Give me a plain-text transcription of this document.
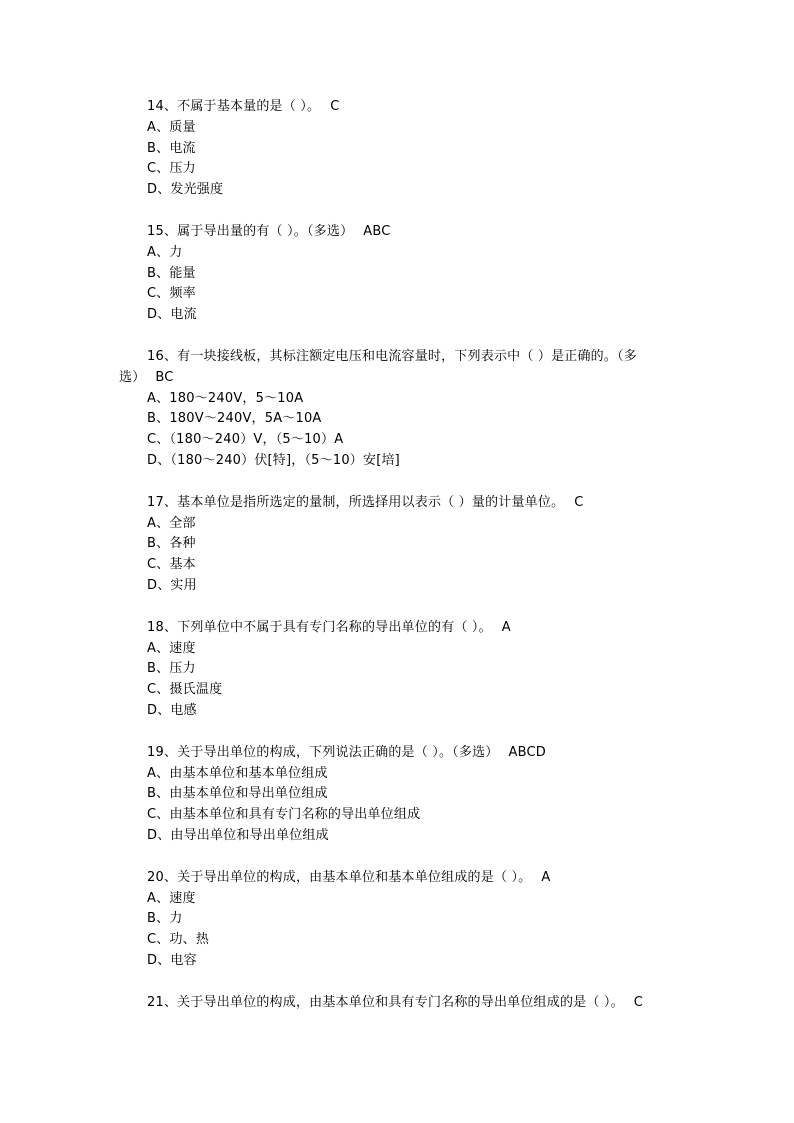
14、不属于基本量的是（ ）。 C
A、质量
B、电流
C、压力
D、发光强度
15、属于导出量的有（ ）。（多选） ABC
A、力
B、能量
C、频率
D、电流
16、有一块接线板，其标注额定电压和电流容量时，下列表示中（ ）是正确的。（多
选） BC
A、180～240V，5～10A
B、180V～240V，5A～10A
C、（180～240）V，（5～10）A
D、（180～240）伏[特]，（5～10）安[培]
17、基本单位是指所选定的量制，所选择用以表示（ ）量的计量单位。 C
A、全部
B、各种
C、基本
D、实用
18、下列单位中不属于具有专门名称的导出单位的有（ ）。 A
A、速度
B、压力
C、摄氏温度
D、电感
19、关于导出单位的构成，下列说法正确的是（ ）。（多选） ABCD
A、由基本单位和基本单位组成
B、由基本单位和导出单位组成
C、由基本单位和具有专门名称的导出单位组成
D、由导出单位和导出单位组成
20、关于导出单位的构成，由基本单位和基本单位组成的是（ ）。 A
A、速度
B、力
C、功、热
D、电容
21、关于导出单位的构成，由基本单位和具有专门名称的导出单位组成的是（ ）。 C
